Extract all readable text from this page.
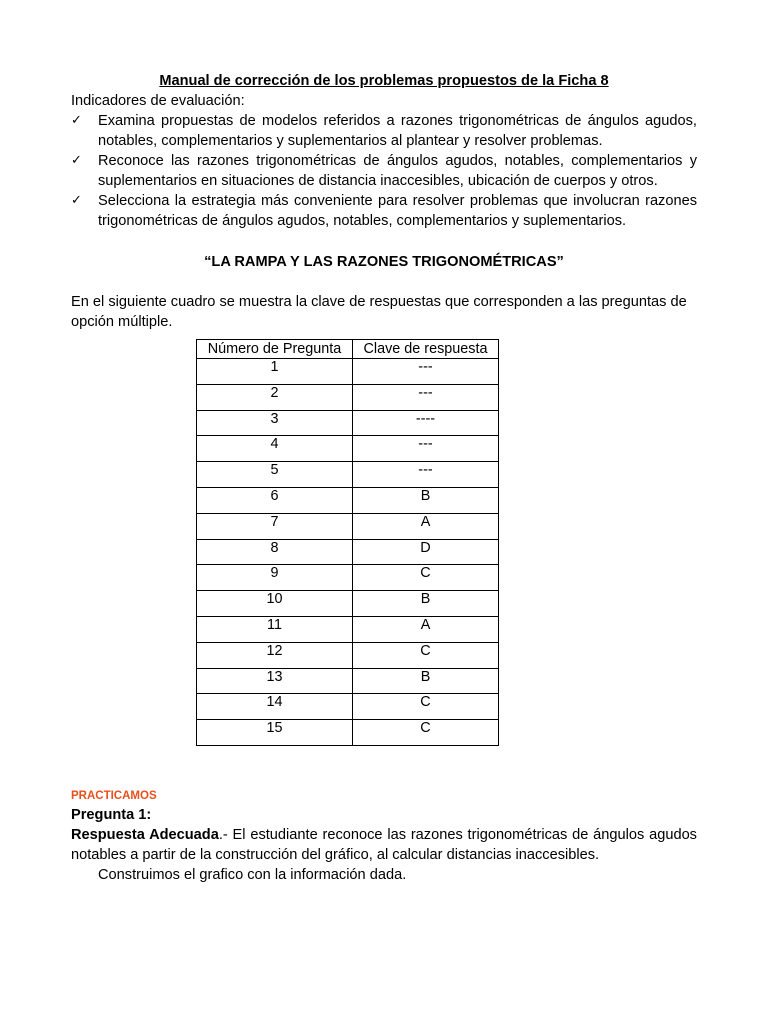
Manual de corrección de los problemas propuestos de la Ficha 8

Indicadores de evaluación:

✓ Examina propuestas de modelos referidos a razones trigonométricas de ángulos agudos, notables, complementarios y suplementarios al plantear y resolver problemas.
✓ Reconoce las razones trigonométricas de ángulos agudos, notables, complementarios y suplementarios en situaciones de distancia inaccesibles, ubicación de cuerpos y otros.
✓ Selecciona la estrategia más conveniente para resolver problemas que involucran razones trigonométricas de ángulos agudos, notables, complementarios y suplementarios.

“LA RAMPA Y LAS RAZONES TRIGONOMÉTRICAS”

En el siguiente cuadro se muestra la clave de respuestas que corresponden a las preguntas de opción múltiple.

Número de Pregunta	Clave de respuesta
1	---
2	---
3	----
4	---
5	---
6	B
7	A
8	D
9	C
10	B
11	A
12	C
13	B
14	C
15	C

PRACTICAMOS

Pregunta 1:

Respuesta Adecuada.- El estudiante reconoce las razones trigonométricas de ángulos agudos notables a partir de la construcción del gráfico, al calcular distancias inaccesibles.

Construimos el grafico con la información dada.
